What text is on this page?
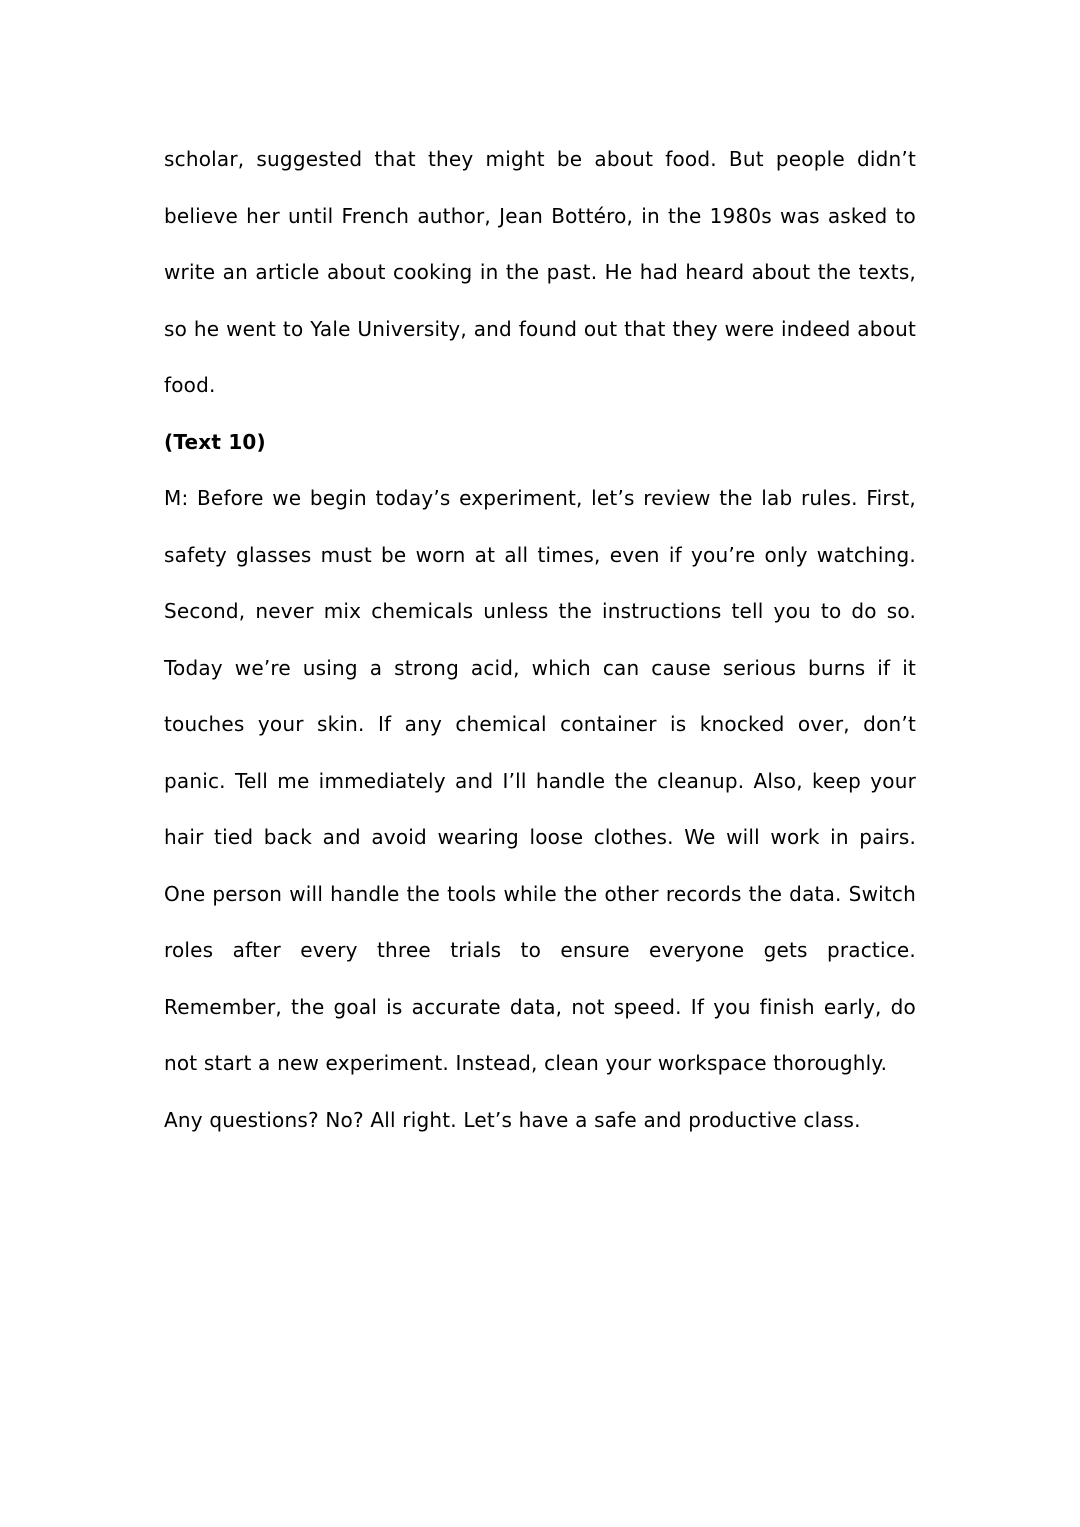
scholar, suggested that they might be about food. But people didn’t believe her until French author, Jean Bottéro, in the 1980s was asked to write an article about cooking in the past. He had heard about the texts, so he went to Yale University, and found out that they were indeed about food.

(Text 10)

M: Before we begin today’s experiment, let’s review the lab rules. First, safety glasses must be worn at all times, even if you’re only watching. Second, never mix chemicals unless the instructions tell you to do so. Today we’re using a strong acid, which can cause serious burns if it touches your skin. If any chemical container is knocked over, don’t panic. Tell me immediately and I’ll handle the cleanup. Also, keep your hair tied back and avoid wearing loose clothes. We will work in pairs. One person will handle the tools while the other records the data. Switch roles after every three trials to ensure everyone gets practice. Remember, the goal is accurate data, not speed. If you finish early, do not start a new experiment. Instead, clean your workspace thoroughly.

Any questions? No? All right. Let’s have a safe and productive class.
